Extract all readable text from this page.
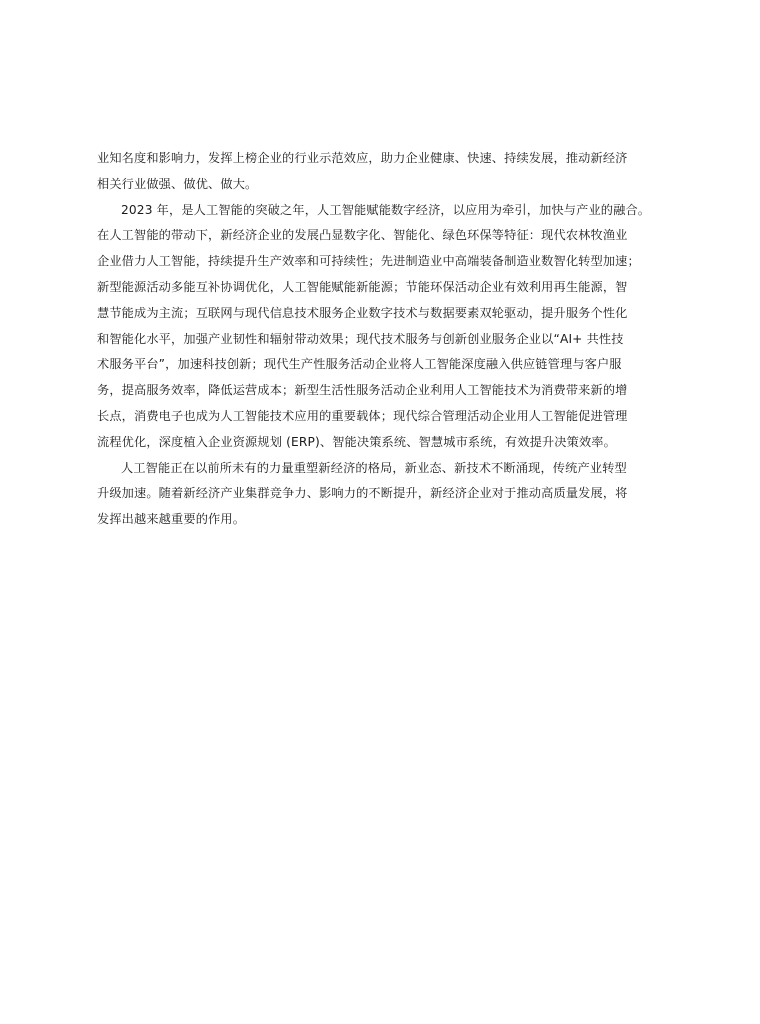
业知名度和影响力，发挥上榜企业的行业示范效应，助力企业健康、快速、持续发展，推动新经济
相关行业做强、做优、做大。
2023 年，是人工智能的突破之年，人工智能赋能数字经济，以应用为牵引，加快与产业的融合。
在人工智能的带动下，新经济企业的发展凸显数字化、智能化、绿色环保等特征：现代农林牧渔业
企业借力人工智能，持续提升生产效率和可持续性；先进制造业中高端装备制造业数智化转型加速；
新型能源活动多能互补协调优化，人工智能赋能新能源；节能环保活动企业有效利用再生能源，智
慧节能成为主流；互联网与现代信息技术服务企业数字技术与数据要素双轮驱动，提升服务个性化
和智能化水平，加强产业韧性和辐射带动效果；现代技术服务与创新创业服务企业以“AI+ 共性技
术服务平台”，加速科技创新；现代生产性服务活动企业将人工智能深度融入供应链管理与客户服
务，提高服务效率，降低运营成本；新型生活性服务活动企业利用人工智能技术为消费带来新的增
长点，消费电子也成为人工智能技术应用的重要载体；现代综合管理活动企业用人工智能促进管理
流程优化，深度植入企业资源规划 (ERP)、智能决策系统、智慧城市系统，有效提升决策效率。
人工智能正在以前所未有的力量重塑新经济的格局，新业态、新技术不断涌现，传统产业转型
升级加速。随着新经济产业集群竞争力、影响力的不断提升，新经济企业对于推动高质量发展，将
发挥出越来越重要的作用。
